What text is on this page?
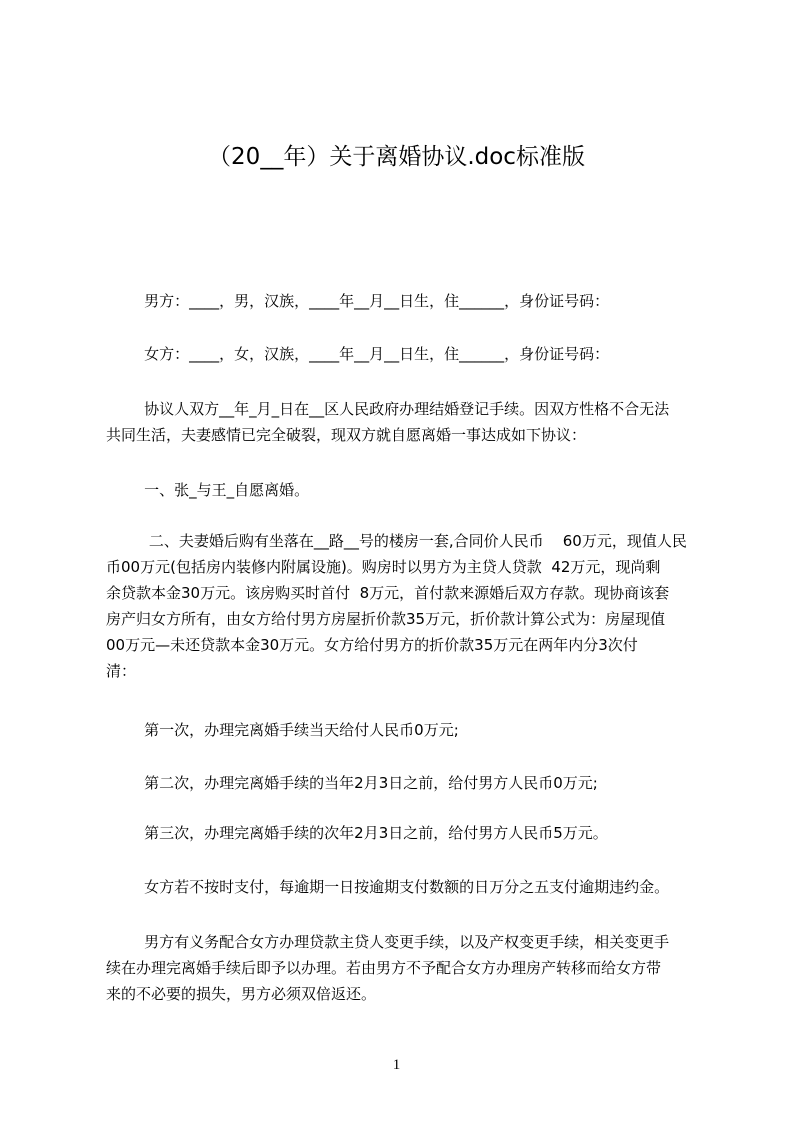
（20__年）关于离婚协议.doc标准版
男方：____，男，汉族，____年__月__日生，住______，身份证号码：
女方：____，女，汉族，____年__月__日生，住______，身份证号码：
协议人双方__年_月_日在__区人民政府办理结婚登记手续。因双方性格不合无法
共同生活，夫妻感情已完全破裂，现双方就自愿离婚一事达成如下协议：
一、张_与王_自愿离婚。
二、夫妻婚后购有坐落在__路__号的楼房一套,合同价人民币    60万元，现值人民
币00万元(包括房内装修内附属设施)。购房时以男方为主贷人贷款  42万元，现尚剩
余贷款本金30万元。该房购买时首付  8万元，首付款来源婚后双方存款。现协商该套
房产归女方所有，由女方给付男方房屋折价款35万元，折价款计算公式为：房屋现值
00万元—未还贷款本金30万元。女方给付男方的折价款35万元在两年内分3次付
清：
第一次，办理完离婚手续当天给付人民币0万元;
第二次，办理完离婚手续的当年2月3日之前，给付男方人民币0万元;
第三次，办理完离婚手续的次年2月3日之前，给付男方人民币5万元。
女方若不按时支付，每逾期一日按逾期支付数额的日万分之五支付逾期违约金。
男方有义务配合女方办理贷款主贷人变更手续，以及产权变更手续，相关变更手
续在办理完离婚手续后即予以办理。若由男方不予配合女方办理房产转移而给女方带
来的不必要的损失，男方必须双倍返还。
1
